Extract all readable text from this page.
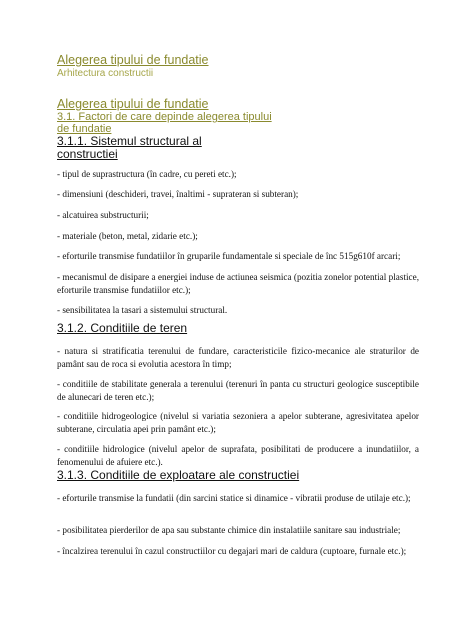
Alegerea tipului de fundatie
Arhitectura constructii
Alegerea tipului de fundatie
3.1. Factori de care depinde alegerea tipului de fundatie
3.1.1. Sistemul structural al constructiei
- tipul de suprastructura (în cadre, cu pereti etc.);
- dimensiuni (deschideri, travei, înaltimi - suprateran si subteran);
- alcatuirea substructurii;
- materiale (beton, metal, zidarie etc.);
- eforturile transmise fundatiilor în gruparile fundamentale si speciale de înc 515g610f arcari;
- mecanismul de disipare a energiei induse de actiunea seismica (pozitia zonelor potential plastice, eforturile transmise fundatiilor etc.);
- sensibilitatea la tasari a sistemului structural.
3.1.2. Conditiile de teren
- natura si stratificatia terenului de fundare, caracteristicile fizico-mecanice ale straturilor de pamânt sau de roca si evolutia acestora în timp;
- conditiile de stabilitate generala a terenului (terenuri în panta cu structuri geologice susceptibile de alunecari de teren etc.);
- conditiile hidrogeologice (nivelul si variatia sezoniera a apelor subterane, agresivitatea apelor subterane, circulatia apei prin pamânt etc.);
- conditiile hidrologice (nivelul apelor de suprafata, posibilitati de producere a inundatiilor, a fenomenului de afuiere etc.).
3.1.3. Conditiile de exploatare ale constructiei
- eforturile transmise la fundatii (din sarcini statice si dinamice - vibratii produse de utilaje etc.);
- posibilitatea pierderilor de apa sau substante chimice din instalatiile sanitare sau industriale;
- încalzirea terenului în cazul constructiilor cu degajari mari de caldura (cuptoare, furnale etc.);
